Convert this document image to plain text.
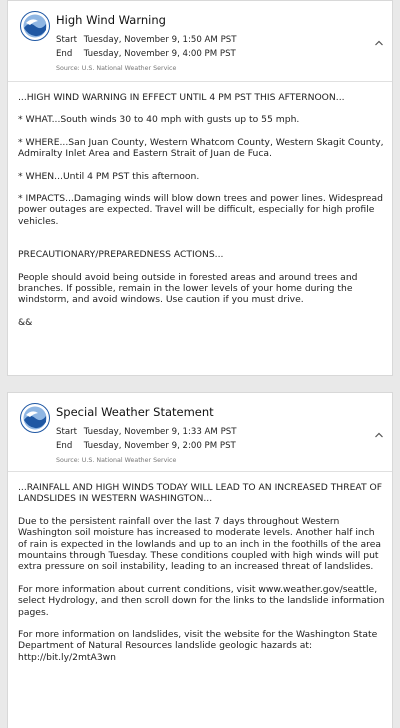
High Wind Warning
Start Tuesday, November 9, 1:50 AM PST
End Tuesday, November 9, 4:00 PM PST
Source: U.S. National Weather Service

...HIGH WIND WARNING IN EFFECT UNTIL 4 PM PST THIS AFTERNOON...

* WHAT...South winds 30 to 40 mph with gusts up to 55 mph.

* WHERE...San Juan County, Western Whatcom County, Western Skagit County, Admiralty Inlet Area and Eastern Strait of Juan de Fuca.

* WHEN...Until 4 PM PST this afternoon.

* IMPACTS...Damaging winds will blow down trees and power lines. Widespread power outages are expected. Travel will be difficult, especially for high profile vehicles.

PRECAUTIONARY/PREPAREDNESS ACTIONS...

People should avoid being outside in forested areas and around trees and branches. If possible, remain in the lower levels of your home during the windstorm, and avoid windows. Use caution if you must drive.

&&

Special Weather Statement
Start Tuesday, November 9, 1:33 AM PST
End Tuesday, November 9, 2:00 PM PST
Source: U.S. National Weather Service

...RAINFALL AND HIGH WINDS TODAY WILL LEAD TO AN INCREASED THREAT OF LANDSLIDES IN WESTERN WASHINGTON...

Due to the persistent rainfall over the last 7 days throughout Western Washington soil moisture has increased to moderate levels. Another half inch of rain is expected in the lowlands and up to an inch in the foothills of the area mountains through Tuesday. These conditions coupled with high winds will put extra pressure on soil instability, leading to an increased threat of landslides.

For more information about current conditions, visit www.weather.gov/seattle, select Hydrology, and then scroll down for the links to the landslide information pages.

For more information on landslides, visit the website for the Washington State Department of Natural Resources landslide geologic hazards at: http://bit.ly/2mtA3wn
